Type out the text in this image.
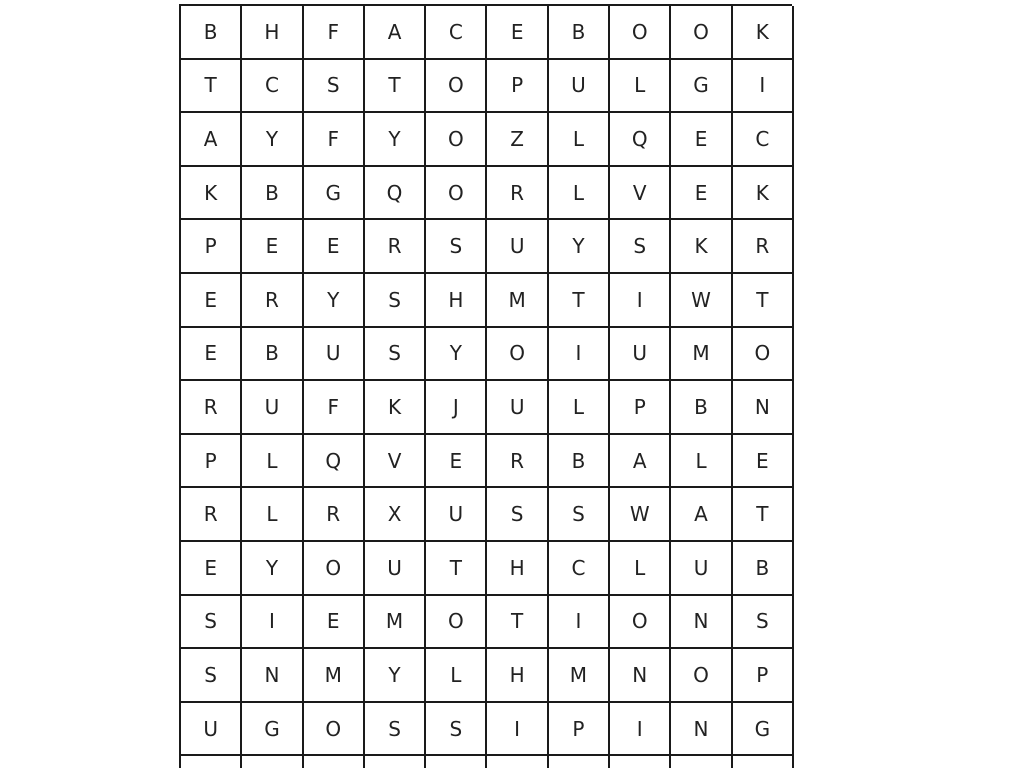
B	H	F	A	C	E	B	O	O	K
T	C	S	T	O	P	U	L	G	I
A	Y	F	Y	O	Z	L	Q	E	C
K	B	G	Q	O	R	L	V	E	K
P	E	E	R	S	U	Y	S	K	R
E	R	Y	S	H	M	T	I	W	T
E	B	U	S	Y	O	I	U	M	O
R	U	F	K	J	U	L	P	B	N
P	L	Q	V	E	R	B	A	L	E
R	L	R	X	U	S	S	W	A	T
E	Y	O	U	T	H	C	L	U	B
S	I	E	M	O	T	I	O	N	S
S	N	M	Y	L	H	M	N	O	P
U	G	O	S	S	I	P	I	N	G
